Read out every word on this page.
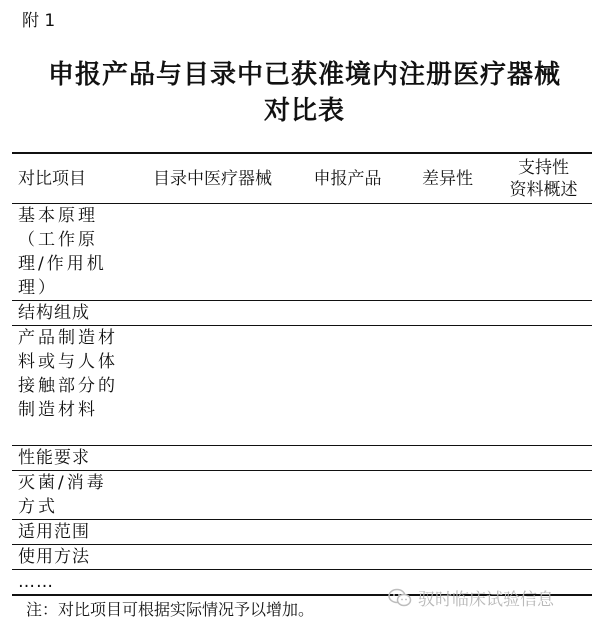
附 1
申报产品与目录中已获准境内注册医疗器械
对比表
对比项目	目录中医疗器械	申报产品	差异性	支持性
资料概述
基本原理（工作原理/作用机理）				
结构组成				
产品制造材料或与人体接触部分的制造材料				
性能要求				
灭菌/消毒方式				
适用范围				
使用方法				
……				
注：对比项目可根据实际情况予以增加。	驭时临床试验信息
